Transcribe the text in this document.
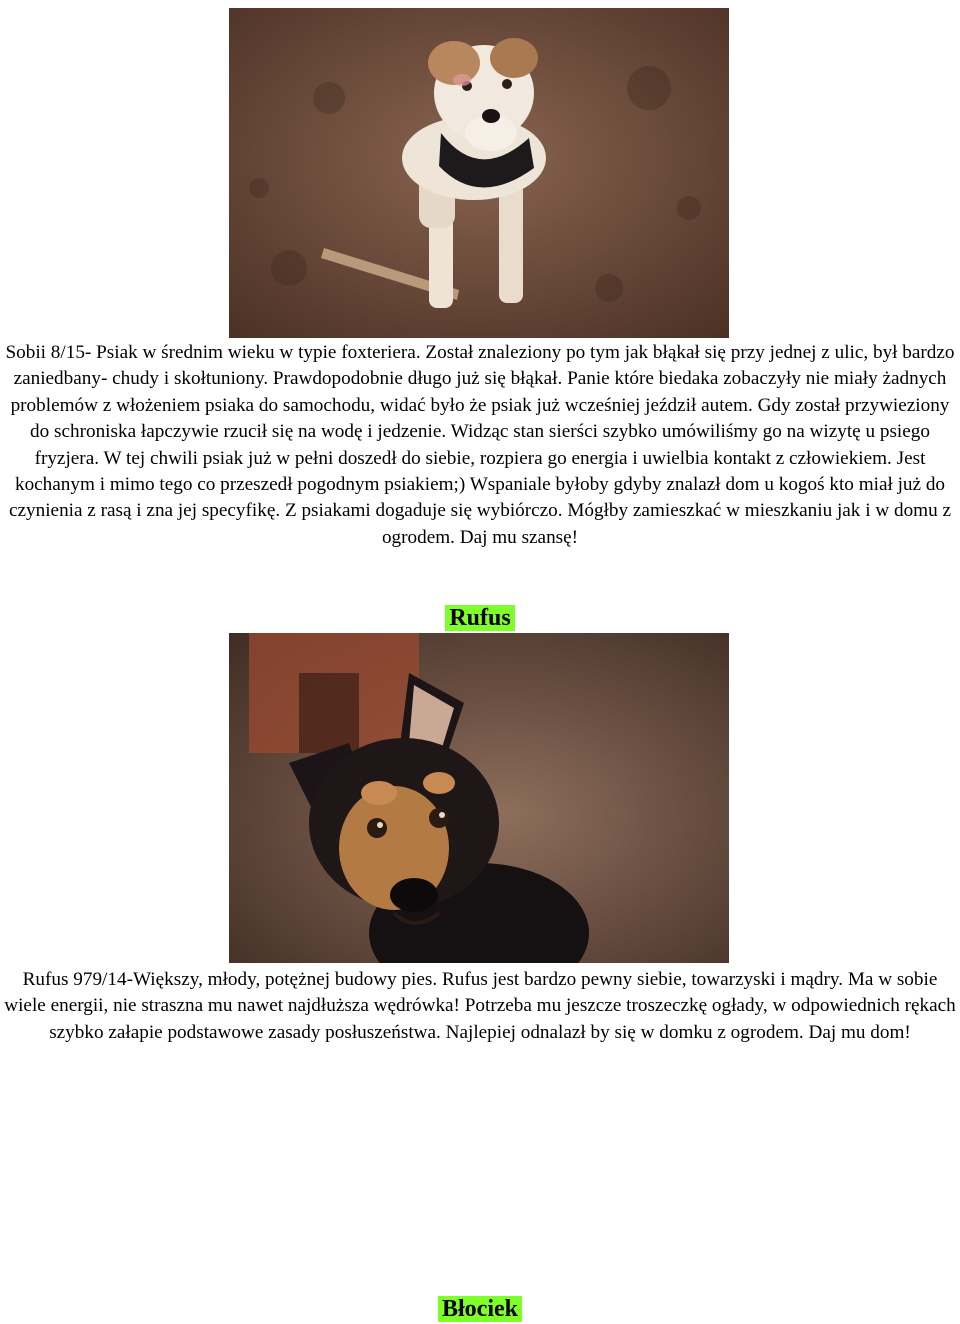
Sobii 8/15- Psiak w średnim wieku w typie foxteriera. Został znaleziony po tym jak błąkał się przy jednej z ulic, był bardzo zaniedbany- chudy i skołtuniony. Prawdopodobnie długo już się błąkał. Panie które biedaka zobaczyły nie miały żadnych problemów z włożeniem psiaka do samochodu, widać było że psiak już wcześniej jeździł autem. Gdy został przywieziony do schroniska łapczywie rzucił się na wodę i jedzenie. Widząc stan sierści szybko umówiliśmy go na wizytę u psiego fryzjera. W tej chwili psiak już w pełni doszedł do siebie, rozpiera go energia i uwielbia kontakt z człowiekiem. Jest kochanym i mimo tego co przeszedł pogodnym psiakiem;) Wspaniale byłoby gdyby znalazł dom u kogoś kto miał już do czynienia z rasą i zna jej specyfikę. Z psiakami dogaduje się wybiórczo. Mógłby zamieszkać w mieszkaniu jak i w domu z ogrodem. Daj mu szansę!

Rufus

Rufus 979/14-Większy, młody, potężnej budowy pies. Rufus jest bardzo pewny siebie, towarzyski i mądry. Ma w sobie wiele energii, nie straszna mu nawet najdłuższa wędrówka! Potrzeba mu jeszcze troszeczkę ogłady, w odpowiednich rękach szybko załapie podstawowe zasady posłuszeństwa. Najlepiej odnalazł by się w domku z ogrodem. Daj mu dom!

Błociek
